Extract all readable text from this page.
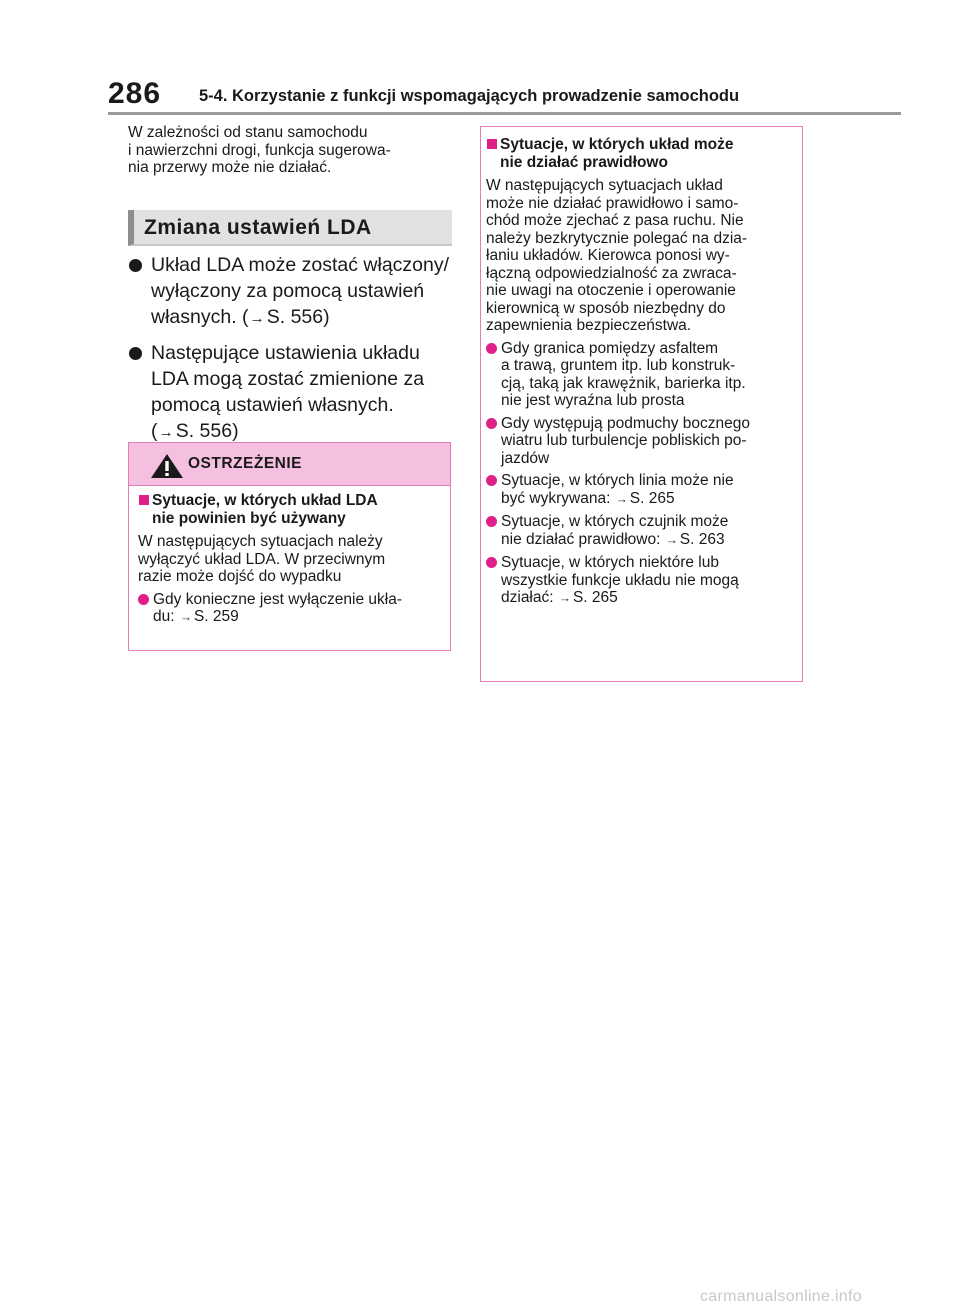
286 5-4. Korzystanie z funkcji wspomagających prowadzenie samochodu

W zależności od stanu samochodu
i nawierzchni drogi, funkcja sugerowa-
nia przerwy może nie działać.

Zmiana ustawień LDA
Układ LDA może zostać włączony/
wyłączony za pomocą ustawień
własnych. (→ S. 556)
Następujące ustawienia układu
LDA mogą zostać zmienione za
pomocą ustawień własnych.
(→ S. 556)
OSTRZEŻENIE
Sytuacje, w których układ LDA
nie powinien być używany

W następujących sytuacjach należy
wyłączyć układ LDA. W przeciwnym
razie może dojść do wypadku

Gdy konieczne jest wyłączenie ukła-
du: → S. 259
Sytuacje, w których układ może
nie działać prawidłowo

W następujących sytuacjach układ
może nie działać prawidłowo i samo-
chód może zjechać z pasa ruchu. Nie
należy bezkrytycznie polegać na dzia-
łaniu układów. Kierowca ponosi wy-
łączną odpowiedzialność za zwraca-
nie uwagi na otoczenie i operowanie
kierownicą w sposób niezbędny do
zapewnienia bezpieczeństwa.

Gdy granica pomiędzy asfaltem
a trawą, gruntem itp. lub konstruk-
cją, taką jak krawężnik, barierka itp.
nie jest wyraźna lub prosta
Gdy występują podmuchy bocznego
wiatru lub turbulencje pobliskich po-
jazdów
Sytuacje, w których linia może nie
być wykrywana: → S. 265
Sytuacje, w których czujnik może
nie działać prawidłowo: → S. 263
Sytuacje, w których niektóre lub
wszystkie funkcje układu nie mogą
działać: → S. 265
carmanualsonline.info
